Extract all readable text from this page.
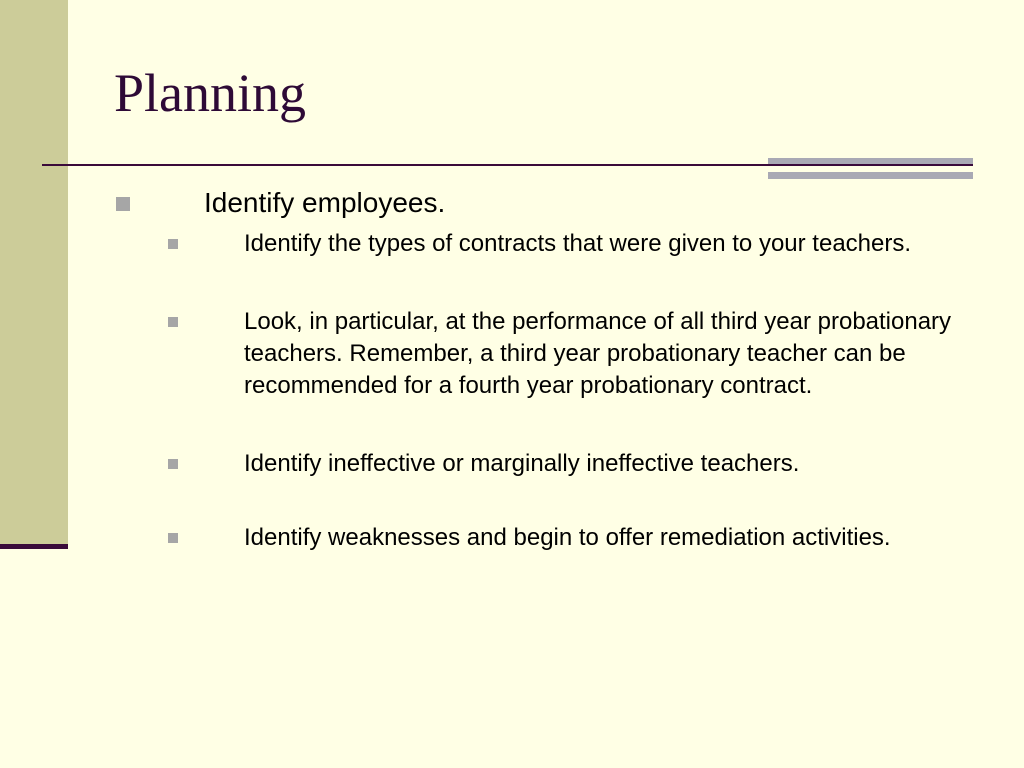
Planning
Identify employees.
Identify the types of contracts that were given to your teachers.
Look, in particular, at the performance of all third year probationary teachers. Remember, a third year probationary teacher can be recommended for a fourth year probationary contract.
Identify ineffective or marginally ineffective teachers.
Identify weaknesses and begin to offer remediation activities.
